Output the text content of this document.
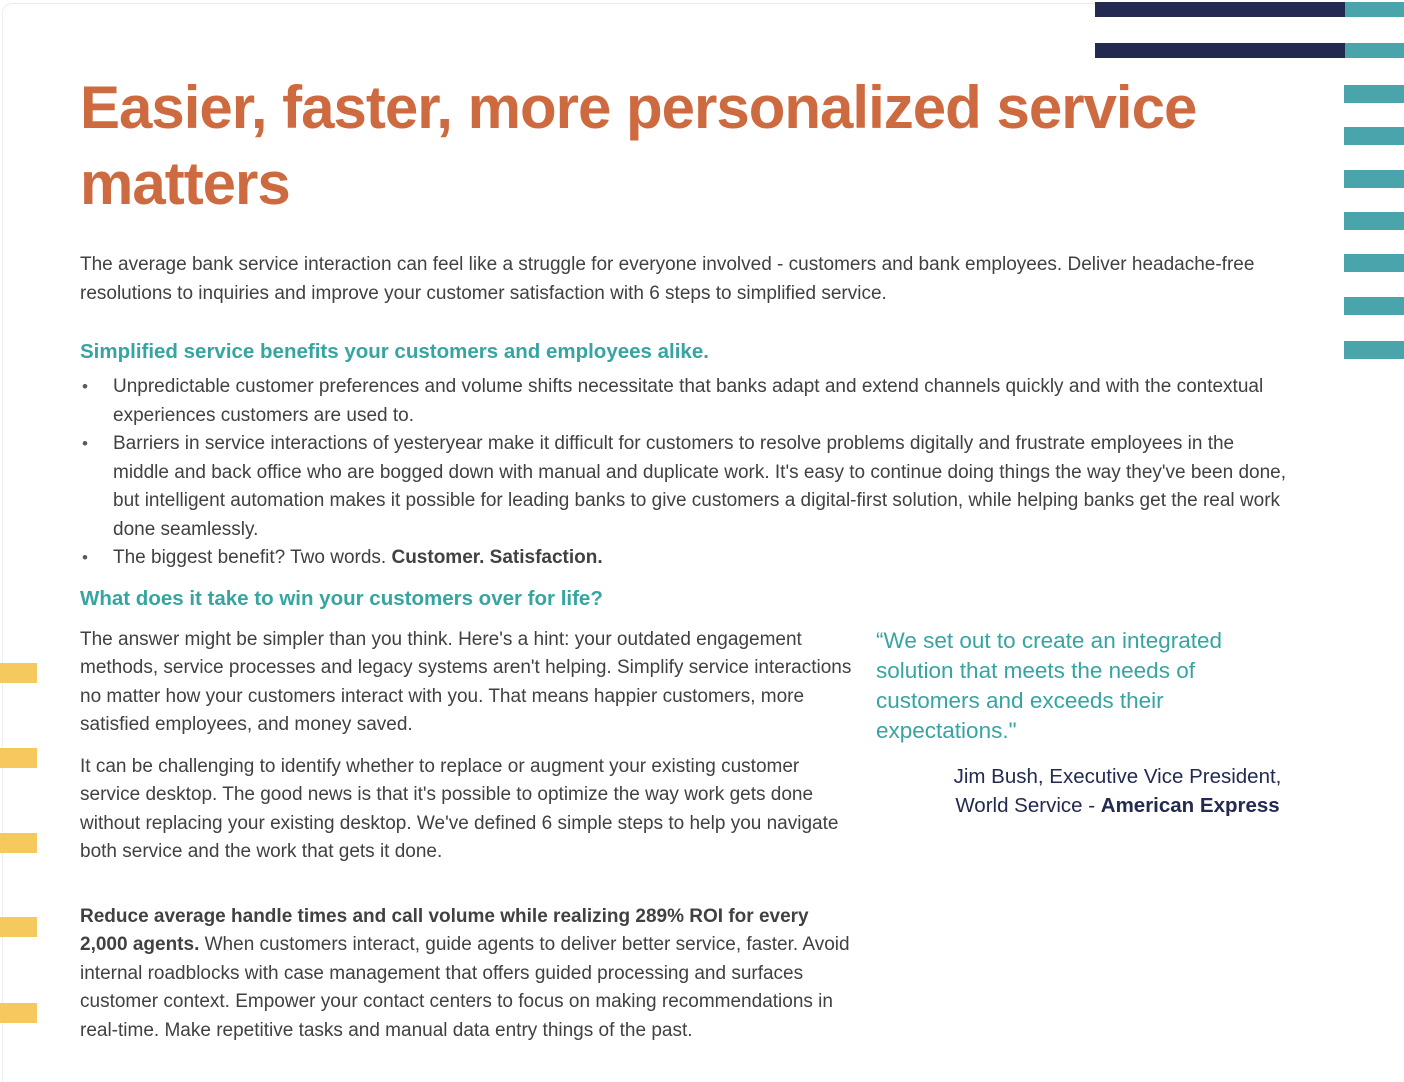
Easier, faster, more personalized service matters

The average bank service interaction can feel like a struggle for everyone involved - customers and bank employees. Deliver headache-free resolutions to inquiries and improve your customer satisfaction with 6 steps to simplified service.

Simplified service benefits your customers and employees alike.
• Unpredictable customer preferences and volume shifts necessitate that banks adapt and extend channels quickly and with the contextual experiences customers are used to.
• Barriers in service interactions of yesteryear make it difficult for customers to resolve problems digitally and frustrate employees in the middle and back office who are bogged down with manual and duplicate work. It's easy to continue doing things the way they've been done, but intelligent automation makes it possible for leading banks to give customers a digital-first solution, while helping banks get the real work done seamlessly.
• The biggest benefit? Two words. Customer. Satisfaction.
What does it take to win your customers over for life?

The answer might be simpler than you think. Here's a hint: your outdated engagement methods, service processes and legacy systems aren't helping. Simplify service interactions no matter how your customers interact with you. That means happier customers, more satisfied employees, and money saved.

It can be challenging to identify whether to replace or augment your existing customer service desktop. The good news is that it's possible to optimize the way work gets done without replacing your existing desktop. We've defined 6 simple steps to help you navigate both service and the work that gets it done.

Reduce average handle times and call volume while realizing 289% ROI for every 2,000 agents. When customers interact, guide agents to deliver better service, faster. Avoid internal roadblocks with case management that offers guided processing and surfaces customer context. Empower your contact centers to focus on making recommendations in real-time. Make repetitive tasks and manual data entry things of the past.

“We set out to create an integrated solution that meets the needs of customers and exceeds their expectations."

Jim Bush, Executive Vice President,
World Service - American Express
